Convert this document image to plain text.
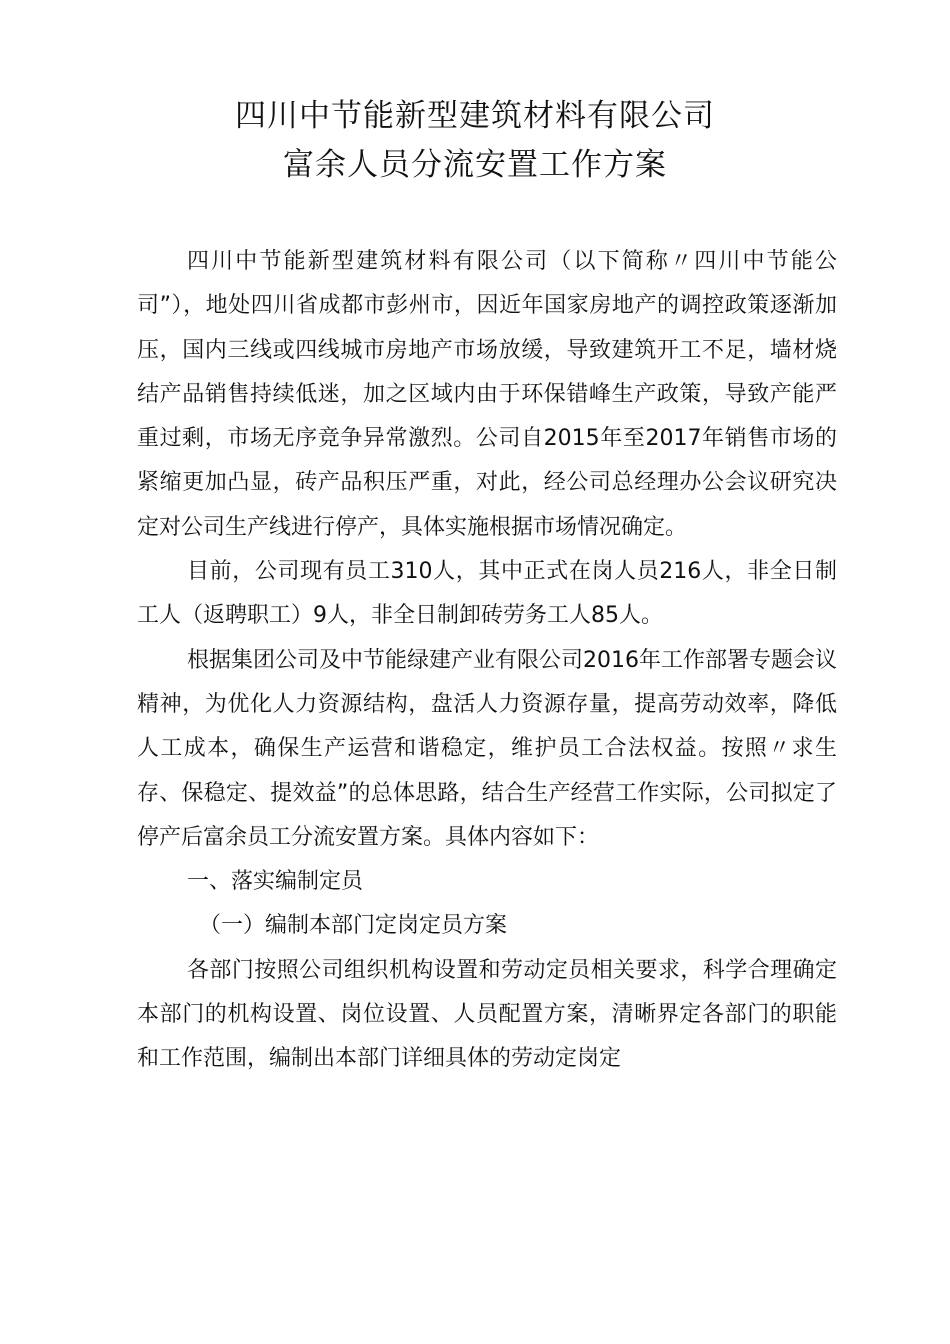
四川中节能新型建筑材料有限公司
富余人员分流安置工作方案

四川中节能新型建筑材料有限公司（以下简称〃四川中节能公司”），地处四川省成都市彭州市，因近年国家房地产的调控政策逐渐加压，国内三线或四线城市房地产市场放缓，导致建筑开工不足，墙材烧结产品销售持续低迷，加之区域内由于环保错峰生产政策，导致产能严重过剩，市场无序竞争异常激烈。公司自2015年至2017年销售市场的紧缩更加凸显，砖产品积压严重，对此，经公司总经理办公会议研究决定对公司生产线进行停产，具体实施根据市场情况确定。

目前，公司现有员工310人，其中正式在岗人员216人，非全日制工人（返聘职工）9人，非全日制卸砖劳务工人85人。

根据集团公司及中节能绿建产业有限公司2016年工作部署专题会议精神，为优化人力资源结构，盘活人力资源存量，提高劳动效率，降低人工成本，确保生产运营和谐稳定，维护员工合法权益。按照〃求生存、保稳定、提效益”的总体思路，结合生产经营工作实际，公司拟定了停产后富余员工分流安置方案。具体内容如下：

一、落实编制定员

（一）编制本部门定岗定员方案

各部门按照公司组织机构设置和劳动定员相关要求，科学合理确定本部门的机构设置、岗位设置、人员配置方案，清晰界定各部门的职能和工作范围，编制出本部门详细具体的劳动定岗定
